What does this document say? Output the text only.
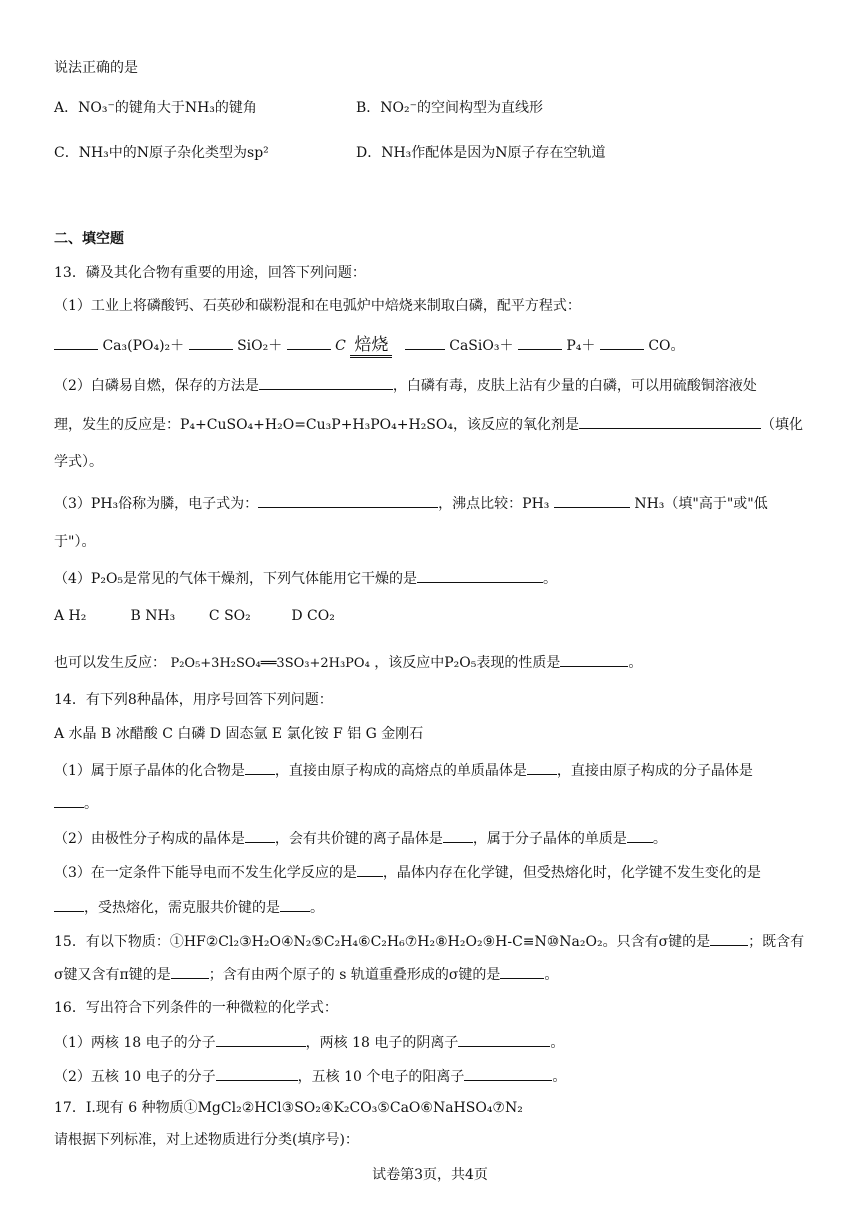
说法正确的是
A．NO₃⁻的键角大于NH₃的键角	B．NO₂⁻的空间构型为直线形
C．NH₃中的N原子杂化类型为sp²	D．NH₃作配体是因为N原子存在空轨道
二、填空题
13．磷及其化合物有重要的用途，回答下列问题：
（1）工业上将磷酸钙、石英砂和碳粉混和在电弧炉中焙烧来制取白磷，配平方程式：
Ca₃(PO₄)₂＋	SiO₂＋	C 焙烧	CaSiO₃＋	P₄＋	CO。
（2）白磷易自燃，保存的方法是	，白磷有毒，皮肤上沾有少量的白磷，可以用硫酸铜溶液处
理，发生的反应是：P₄+CuSO₄+H₂O=Cu₃P+H₃PO₄+H₂SO₄，该反应的氧化剂是	（填化
学式）。
（3）PH₃俗称为膦，电子式为：	，沸点比较：PH₃	NH₃（填"高于"或"低
于"）。
（4）P₂O₅是常见的气体干燥剂，下列气体能用它干燥的是	。
A H₂	B NH₃ C SO₂	D CO₂
也可以发生反应： P₂O₅+3H₂SO₄══3SO₃+2H₃PO₄ ，该反应中P₂O₅表现的性质是	。
14．有下列8种晶体，用序号回答下列问题：
A 水晶 B 冰醋酸 C 白磷 D 固态氩 E 氯化铵 F 铝 G 金刚石
（1）属于原子晶体的化合物是 ，直接由原子构成的高熔点的单质晶体是 ，直接由原子构成的分子晶体是
。
（2）由极性分子构成的晶体是 ，会有共价键的离子晶体是 ，属于分子晶体的单质是 。
（3）在一定条件下能导电而不发生化学反应的是 ，晶体内存在化学键，但受热熔化时，化学键不发生变化的是
，受热熔化，需克服共价键的是 。
15．有以下物质：①HF②Cl₂③H₂O④N₂⑤C₂H₄⑥C₂H₆⑦H₂⑧H₂O₂⑨H-C≡N⑩Na₂O₂。只含有σ键的是	；既含有
σ键又含有π键的是	；含有由两个原子的 s 轨道重叠形成的σ键的是	。
16．写出符合下列条件的一种微粒的化学式：
（1）两核 18 电子的分子	，两核 18 电子的阴离子	。
（2）五核 10 电子的分子	，五核 10 个电子的阳离子	。
17．I.现有 6 种物质①MgCl₂②HCl③SO₂④K₂CO₃⑤CaO⑥NaHSO₄⑦N₂
请根据下列标准，对上述物质进行分类(填序号)：
试卷第3页，共4页
